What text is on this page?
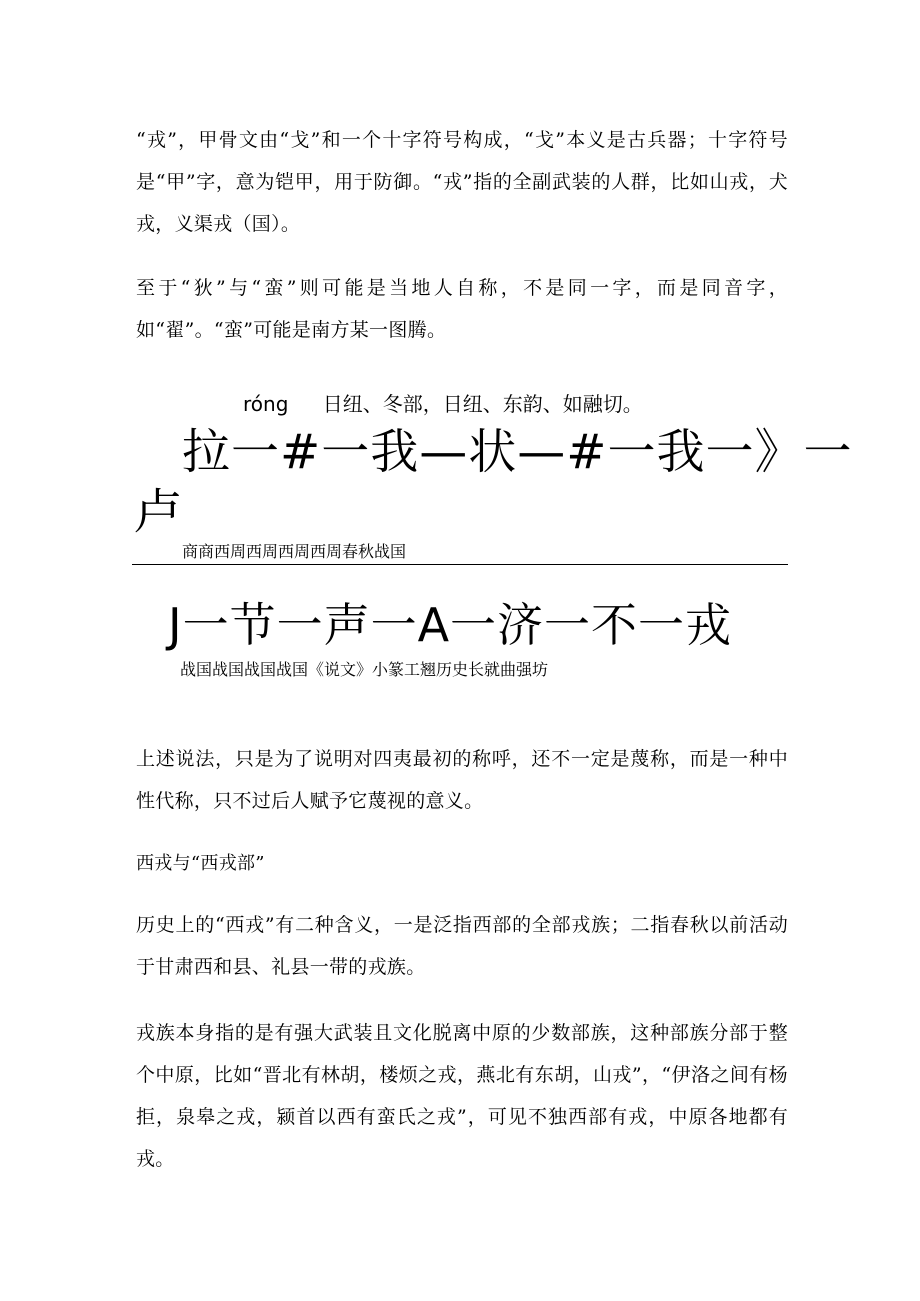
“戎”，甲骨文由“戈”和一个十字符号构成，“戈”本义是古兵器；十字符号是“甲”字，意为铠甲，用于防御。“戎”指的全副武装的人群，比如山戎，犬戎，义渠戎（国）。

至于“狄”与“蛮”则可能是当地人自称，不是同一字，而是同音字，如“翟”。“蛮”可能是南方某一图腾。

róng 日纽、冬部，日纽、东韵、如融切。
拉一#一我—状—#一我一》一
卢
商商西周西周西周西周春秋战国
J一节一声一A一济一不一戎
战国战国战国战国《说文》小篆工翘历史长就曲强坊

上述说法，只是为了说明对四夷最初的称呼，还不一定是蔑称，而是一种中性代称，只不过后人赋予它蔑视的意义。

西戎与“西戎部”

历史上的“西戎”有二种含义，一是泛指西部的全部戎族；二指春秋以前活动于甘肃西和县、礼县一带的戎族。

戎族本身指的是有强大武装且文化脱离中原的少数部族，这种部族分部于整个中原，比如“晋北有林胡，楼烦之戎，燕北有东胡，山戎”，“伊洛之间有杨拒，泉皋之戎，颍首以西有蛮氏之戎”，可见不独西部有戎，中原各地都有戎。
